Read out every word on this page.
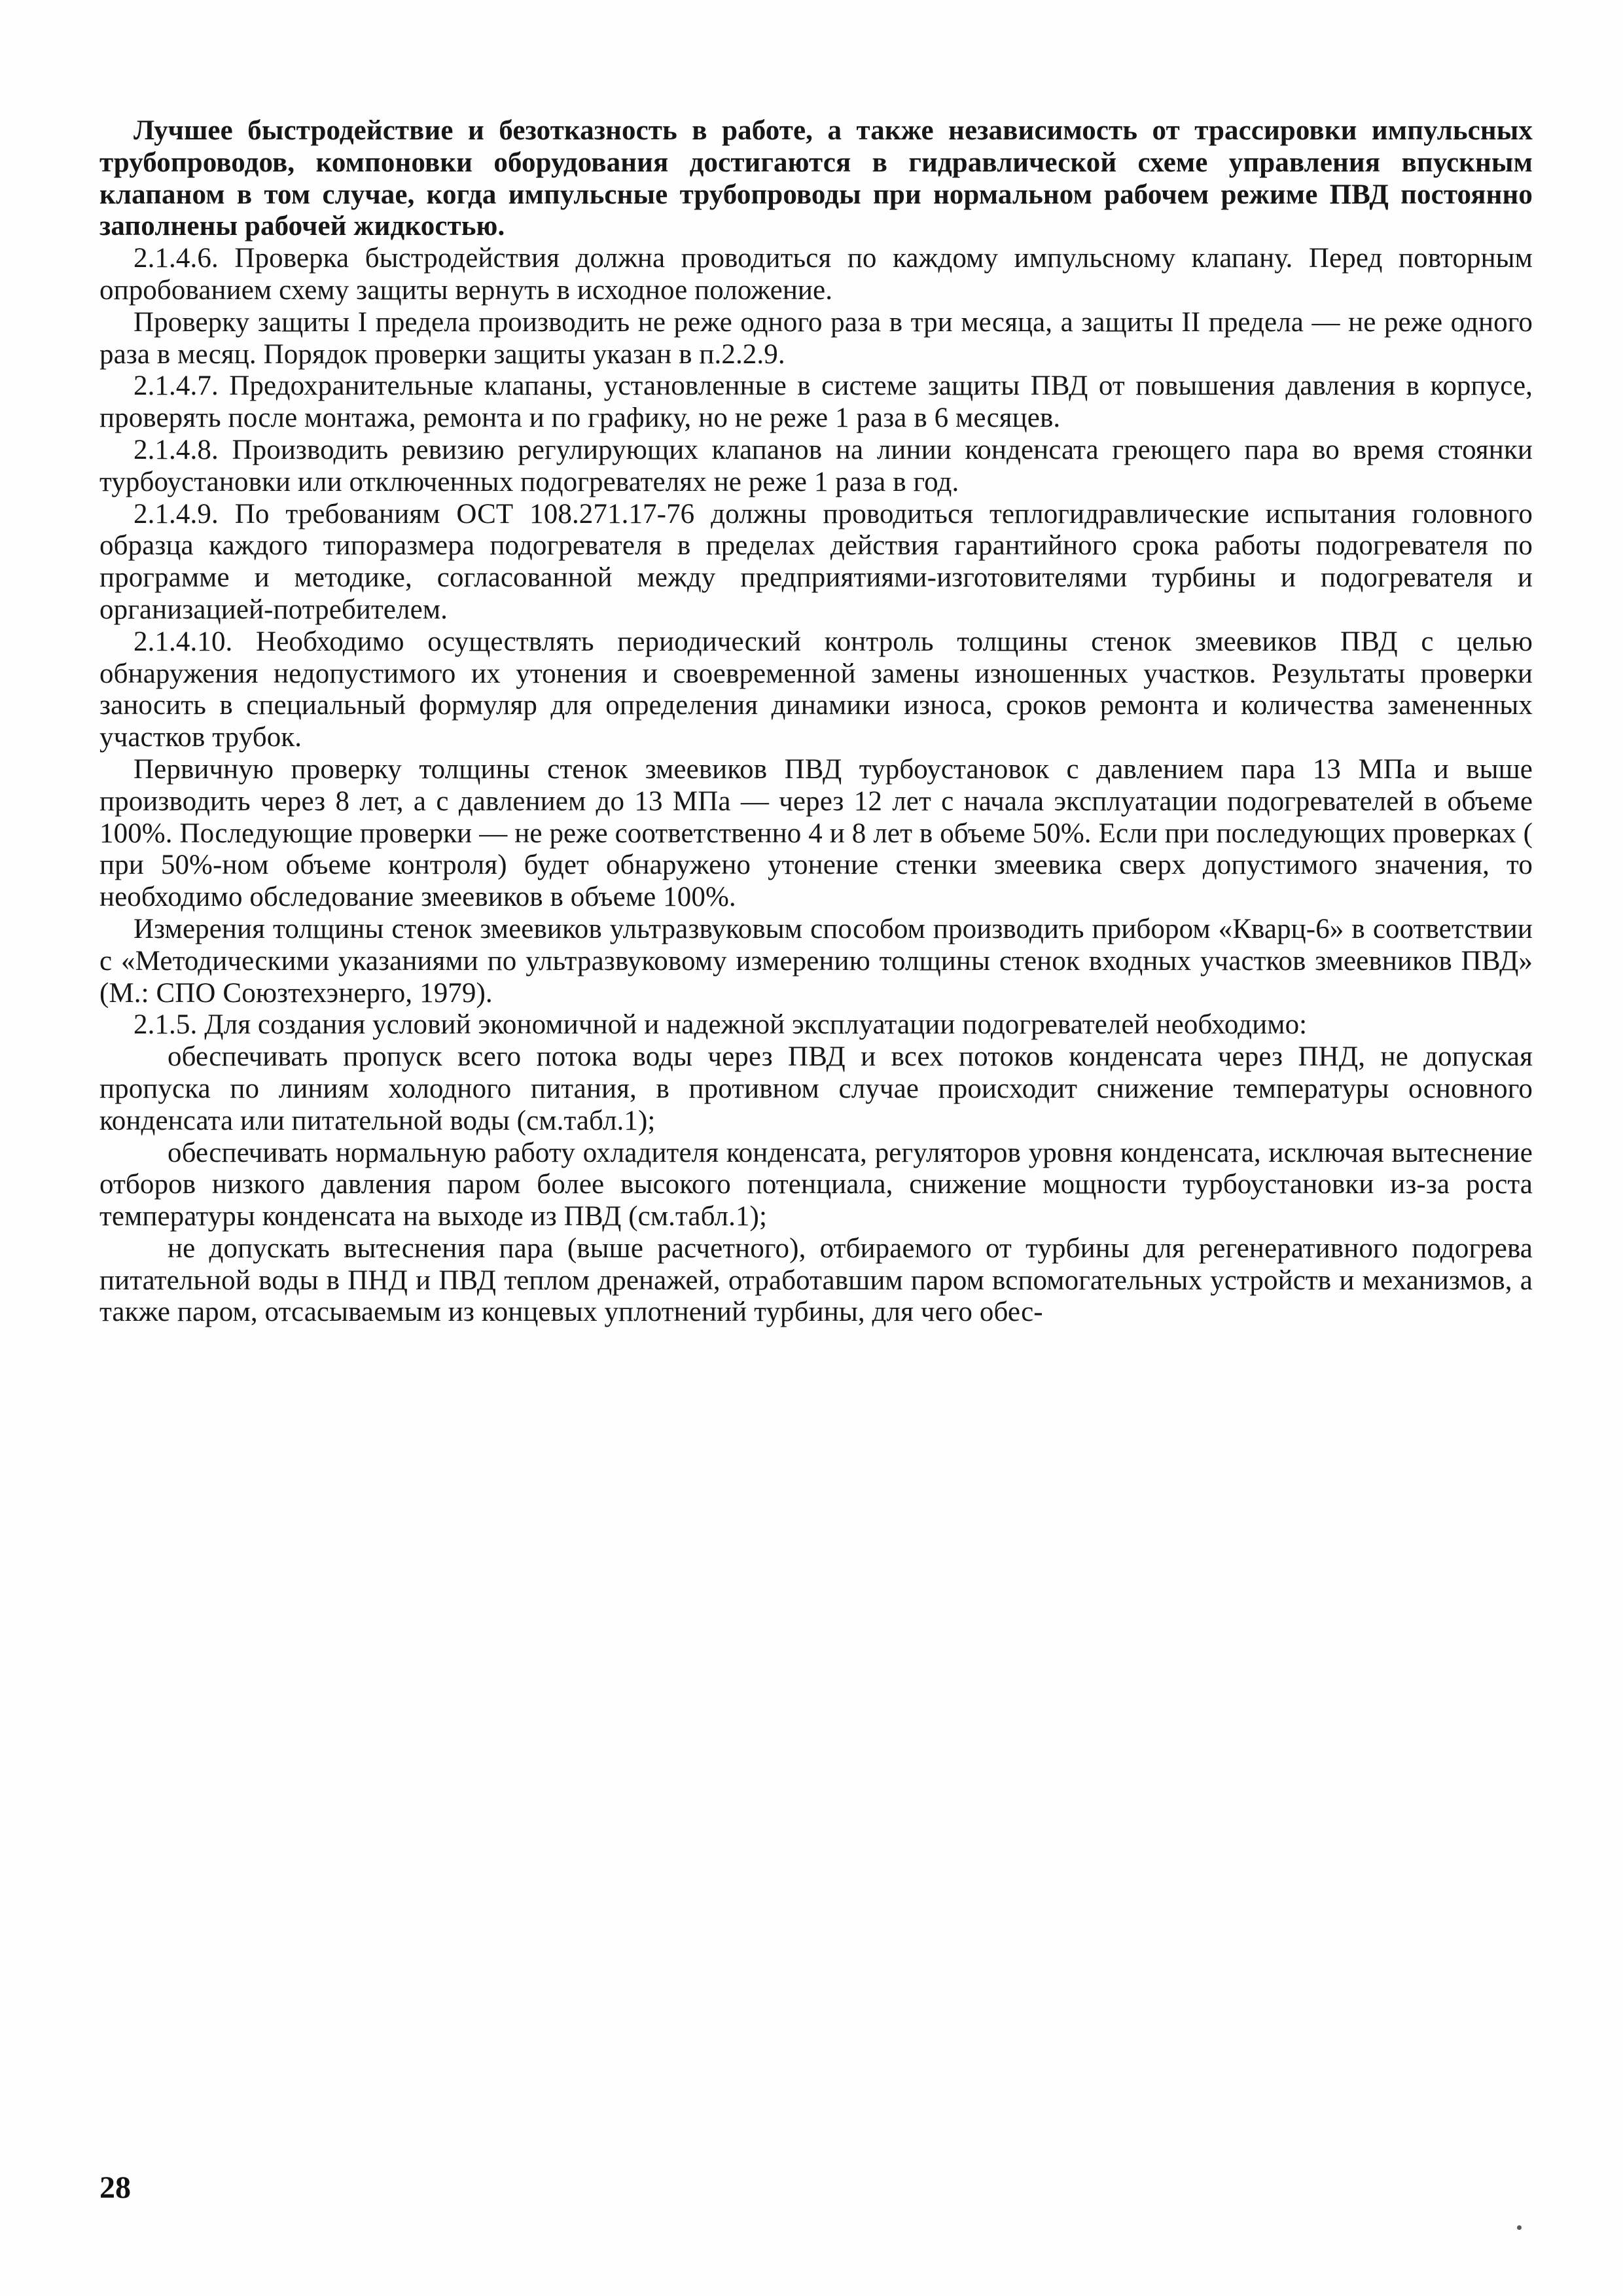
Лучшее быстродействие и безотказность в работе, а также независимость от трассировки импульсных трубопроводов, компоновки оборудования достигаются в гидравлической схеме управления впускным клапаном в том случае, когда импульсные трубопроводы при нормальном рабочем режиме ПВД постоянно заполнены рабочей жидкостью.

2.1.4.6. Проверка быстродействия должна проводиться по каждому импульсному клапану. Перед повторным опробованием схему защиты вернуть в исходное положение.

Проверку защиты I предела производить не реже одного раза в три месяца, а защиты II предела — не реже одного раза в месяц. Порядок проверки защиты указан в п.2.2.9.

2.1.4.7. Предохранительные клапаны, установленные в системе защиты ПВД от повышения давления в корпусе, проверять после монтажа, ремонта и по графику, но не реже 1 раза в 6 месяцев.

2.1.4.8. Производить ревизию регулирующих клапанов на линии конденсата греющего пара во время стоянки турбоустановки или отключенных подогревателях не реже 1 раза в год.

2.1.4.9. По требованиям ОСТ 108.271.17-76 должны проводиться теплогидравлические испытания головного образца каждого типоразмера подогревателя в пределах действия гарантийного срока работы подогревателя по программе и методике, согласованной между предприятиями-изготовителями турбины и подогревателя и организацией-потребителем.

2.1.4.10. Необходимо осуществлять периодический контроль толщины стенок змеевиков ПВД с целью обнаружения недопустимого их утонения и своевременной замены изношенных участков. Результаты проверки заносить в специальный формуляр для определения динамики износа, сроков ремонта и количества замененных участков трубок.

Первичную проверку толщины стенок змеевиков ПВД турбоустановок с давлением пара 13 МПа и выше производить через 8 лет, а с давлением до 13 МПа — через 12 лет с начала эксплуатации подогревателей в объеме 100%. Последующие проверки — не реже соответственно 4 и 8 лет в объеме 50%. Если при последующих проверках ( при 50%-ном объеме контроля) будет обнаружено утонение стенки змеевика сверх допустимого значения, то необходимо обследование змеевиков в объеме 100%.

Измерения толщины стенок змеевиков ультразвуковым способом производить прибором «Кварц-6» в соответствии с «Методическими указаниями по ультразвуковому измерению толщины стенок входных участков змеевников ПВД» (М.: СПО Союзтехэнерго, 1979).

2.1.5. Для создания условий экономичной и надежной эксплуатации подогревателей необходимо:

обеспечивать пропуск всего потока воды через ПВД и всех потоков конденсата через ПНД, не допуская пропуска по линиям холодного питания, в противном случае происходит снижение температуры основного конденсата или питательной воды (см.табл.1);

обеспечивать нормальную работу охладителя конденсата, регуляторов уровня конденсата, исключая вытеснение отборов низкого давления паром более высокого потенциала, снижение мощности турбоустановки из-за роста температуры конденсата на выходе из ПВД (см.табл.1);

не допускать вытеснения пара (выше расчетного), отбираемого от турбины для регенеративного подогрева питательной воды в ПНД и ПВД теплом дренажей, отработавшим паром вспомогательных устройств и механизмов, а также паром, отсасываемым из концевых уплотнений турбины, для чего обес-

28
